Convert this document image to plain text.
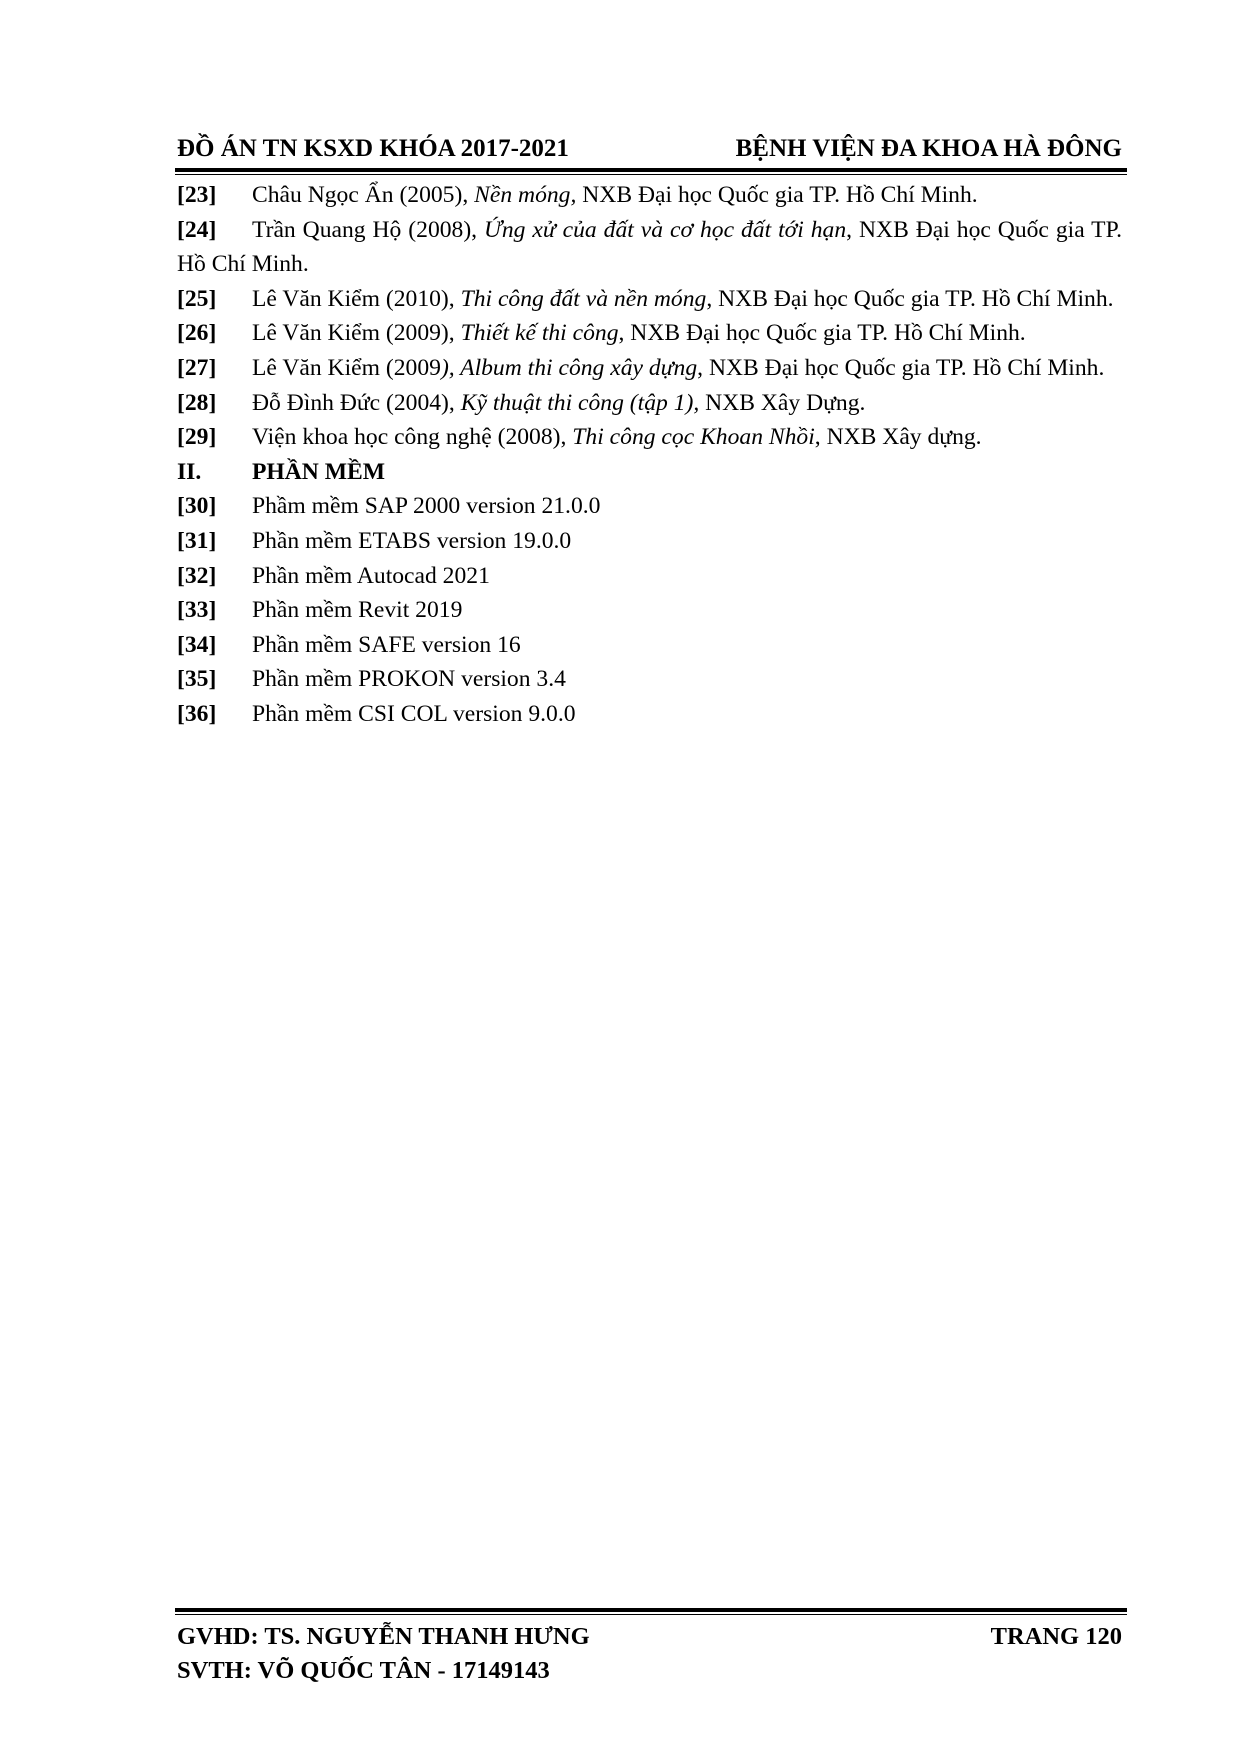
ĐỒ ÁN TN KSXD KHÓA 2017-2021	BỆNH VIỆN ĐA KHOA HÀ ĐÔNG
[23] Châu Ngọc Ẩn (2005), Nền móng, NXB Đại học Quốc gia TP. Hồ Chí Minh.
[24] Trần Quang Hộ (2008), Ứng xử của đất và cơ học đất tới hạn, NXB Đại học Quốc gia TP. Hồ Chí Minh.
[25] Lê Văn Kiểm (2010), Thi công đất và nền móng, NXB Đại học Quốc gia TP. Hồ Chí Minh.
[26] Lê Văn Kiểm (2009), Thiết kế thi công, NXB Đại học Quốc gia TP. Hồ Chí Minh.
[27] Lê Văn Kiểm (2009), Album thi công xây dựng, NXB Đại học Quốc gia TP. Hồ Chí Minh.
[28] Đỗ Đình Đức (2004), Kỹ thuật thi công (tập 1), NXB Xây Dựng.
[29] Viện khoa học công nghệ (2008), Thi công cọc Khoan Nhồi, NXB Xây dựng.
II.	PHẦN MỀM
[30] Phầm mềm SAP 2000 version 21.0.0
[31] Phần mềm ETABS version 19.0.0
[32] Phần mềm Autocad 2021
[33] Phần mềm Revit 2019
[34] Phần mềm SAFE version 16
[35] Phần mềm PROKON version 3.4
[36] Phần mềm CSI COL version 9.0.0
GVHD: TS. NGUYỄN THANH HƯNG	TRANG 120
SVTH: VÕ QUỐC TÂN - 17149143
